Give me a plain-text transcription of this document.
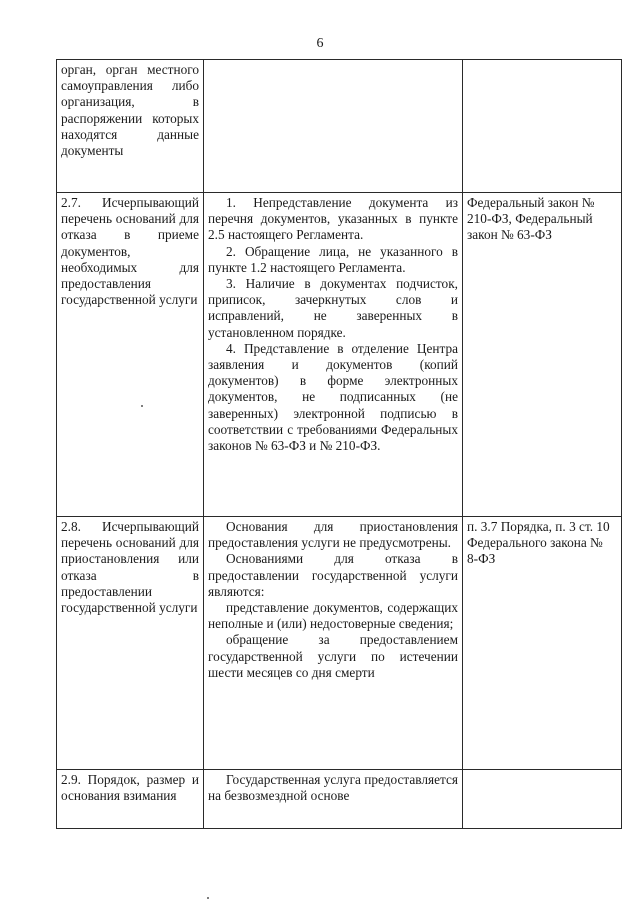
6
орган, орган местного самоуправления либо организация, в распоряжении которых находятся данные документы		
2.7. Исчерпывающий перечень оснований для отказа в приеме документов, необходимых для предоставления государственной услуги	1. Непредставление документа из перечня документов, указанных в пункте 2.5 настоящего Регламента.
2. Обращение лица, не указанного в пункте 1.2 настоящего Регламента.
3. Наличие в документах подчисток, приписок, зачеркнутых слов и исправлений, не заверенных в установленном порядке.
4. Представление в отделение Центра заявления и документов (копий документов) в форме электронных документов, не подписанных (не заверенных) электронной подписью в соответствии с требованиями Федеральных законов № 63-ФЗ и № 210-ФЗ.	Федеральный закон № 210-ФЗ, Федеральный закон № 63-ФЗ
2.8. Исчерпывающий перечень оснований для приостановления или отказа в предоставлении государственной услуги	Основания для приостановления предоставления услуги не предусмотрены.
Основаниями для отказа в предоставлении государственной услуги являются:
представление документов, содержащих неполные и (или) недостоверные сведения;
обращение за предоставлением государственной услуги по истечении шести месяцев со дня смерти	п. 3.7 Порядка, п. 3 ст. 10 Федерального закона № 8-ФЗ
2.9. Порядок, размер и основания взимания	Государственная услуга предоставляется на безвозмездной основе	
